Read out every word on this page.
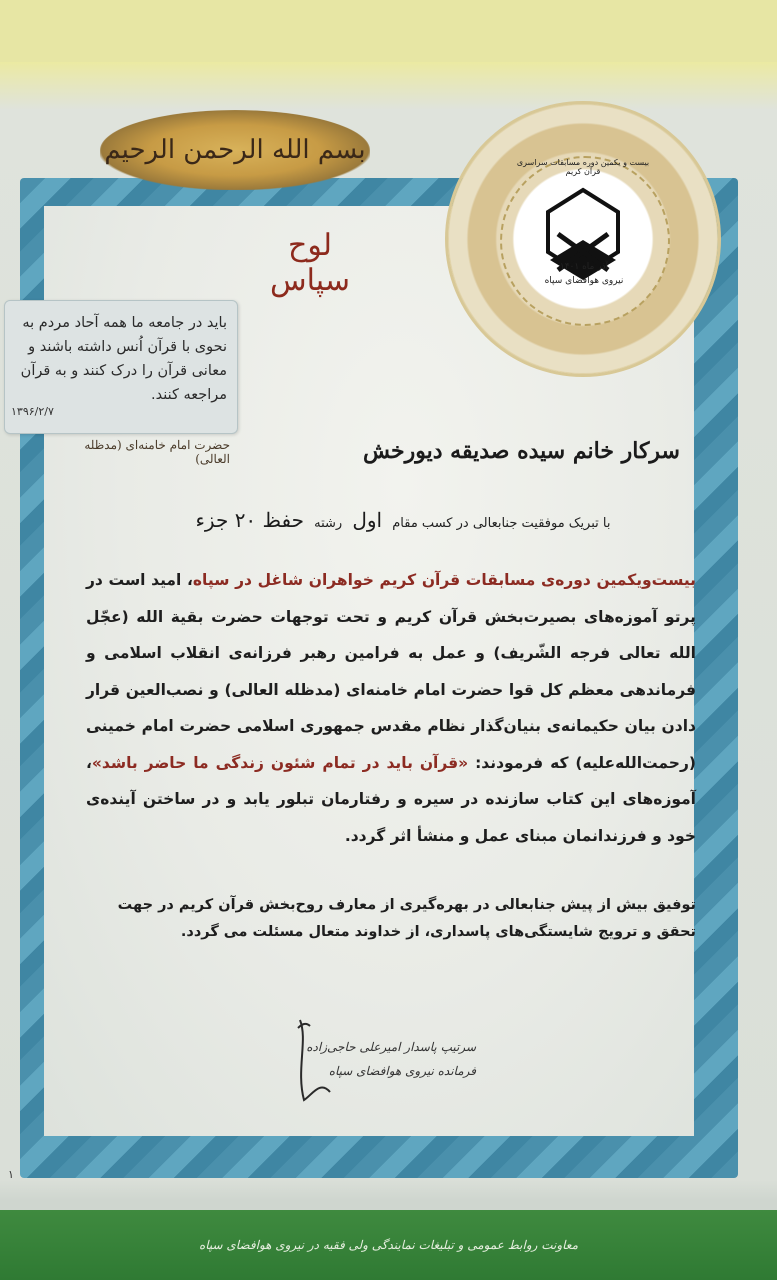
بسم الله الرحمن الرحیم
لوح سپاس	آذر ماه ۱۴۰۱
نیروی هوافضای سپاه
بیست و یکمین دوره مسابقات سراسری قرآن کریم
باید در جامعه ما همه آحاد مردم به نحوی با قرآن اُنس داشته باشند و معانی قرآن را درک کنند و به قرآن مراجعه کنند.
۱۳۹۶/۲/۷
حضرت امام خامنه‌ای (مدظله العالی)	سرکار خانم سیده صدیقه دیورخش
با تبریک موفقیت جنابعالی در کسب مقام اول رشته حفظ ۲۰ جزء
بیست‌ویکمین دوره‌ی مسابقات قرآن کریم خواهران شاغل در سپاه، امید است در پرتو آموزه‌های بصیرت‌بخش قرآن کریم و تحت توجهات حضرت بقیة الله (عجّل الله تعالی فرجه الشّریف) و عمل به فرامین رهبر فرزانه‌ی انقلاب اسلامی و فرماندهی معظم کل قوا حضرت امام خامنه‌ای (مدظله العالی) و نصب‌العین قرار دادن بیان حکیمانه‌ی بنیان‌گذار نظام مقدس جمهوری اسلامی حضرت امام خمینی (رحمت‌الله‌علیه) که فرمودند: «قرآن باید در تمام شئون زندگی ما حاضر باشد»، آموزه‌های این کتاب سازنده در سیره و رفتارمان تبلور یابد و در ساختن آینده‌ی خود و فرزندانمان مبنای عمل و منشأ اثر گردد.
توفیق بیش از پیش جنابعالی در بهره‌گیری از معارف روح‌بخش قرآن کریم در جهت تحقق و ترویج شایستگی‌های پاسداری، از خداوند متعال مسئلت می گردد.
سرتیپ پاسدار امیرعلی حاجی‌زاده
فرمانده نیروی هوافضای سپاه
۱
معاونت روابط عمومی و تبلیغات نمایندگی ولی فقیه در نیروی هوافضای سپاه
